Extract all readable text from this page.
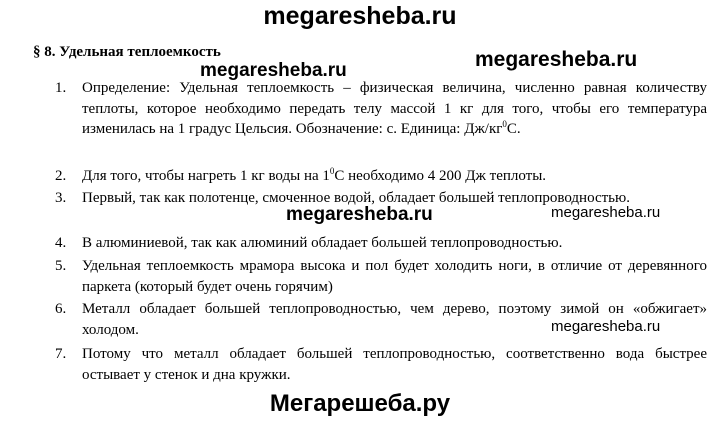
megaresheba.ru
§ 8. Удельная теплоемкость	megaresheba.ru
megaresheba.ru
1. Определение: Удельная теплоемкость – физическая величина, численно равная количеству теплоты, которое необходимо передать телу массой 1 кг для того, чтобы его температура изменилась на 1 градус Цельсия. Обозначение: с. Единица: $Дж/кг^0С$.
2. Для того, чтобы нагреть 1 кг воды на $1^0С$ необходимо 4 200 Дж теплоты.
3. Первый, так как полотенце, смоченное водой, обладает большей теплопроводностью.
4. В алюминиевой, так как алюминий обладает большей теплопроводностью.
5. Удельная теплоемкость мрамора высока и пол будет холодить ноги, в отличие от деревянного паркета (который будет очень горячим)
6. Металл обладает большей теплопроводностью, чем дерево, поэтому зимой он «обжигает» холодом.
7. Потому что металл обладает большей теплопроводностью, соответственно вода быстрее остывает у стенок и дна кружки.
megaresheba.ru	megaresheba.ru
megaresheba.ru
Мегарешеба.ру
